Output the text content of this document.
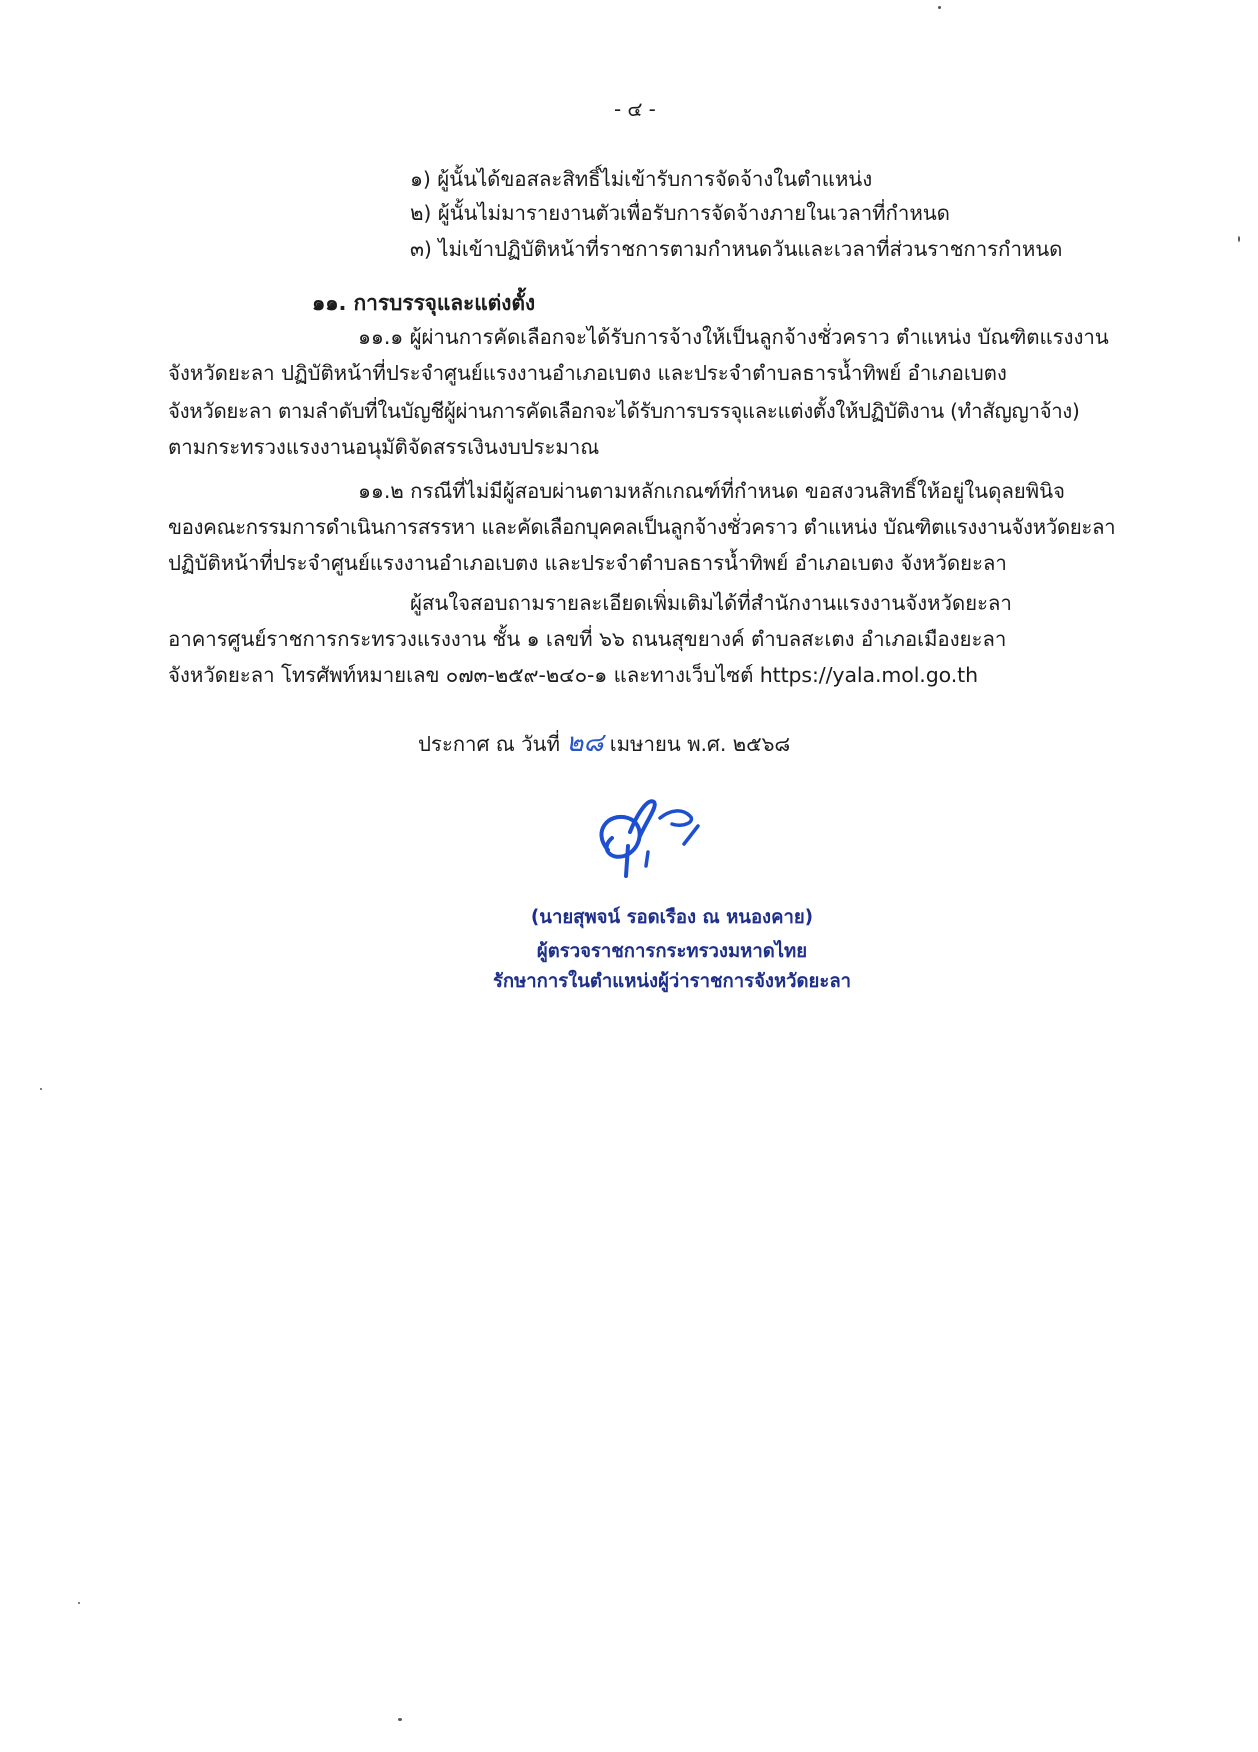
- ๔ -
๑) ผู้นั้นได้ขอสละสิทธิ์ไม่เข้ารับการจัดจ้างในตำแหน่ง
๒) ผู้นั้นไม่มารายงานตัวเพื่อรับการจัดจ้างภายในเวลาที่กำหนด
๓) ไม่เข้าปฏิบัติหน้าที่ราชการตามกำหนดวันและเวลาที่ส่วนราชการกำหนด
๑๑. การบรรจุและแต่งตั้ง
๑๑.๑ ผู้ผ่านการคัดเลือกจะได้รับการจ้างให้เป็นลูกจ้างชั่วคราว ตำแหน่ง บัณฑิตแรงงาน
จังหวัดยะลา ปฏิบัติหน้าที่ประจำศูนย์แรงงานอำเภอเบตง และประจำตำบลธารน้ำทิพย์ อำเภอเบตง
จังหวัดยะลา ตามลำดับที่ในบัญชีผู้ผ่านการคัดเลือกจะได้รับการบรรจุและแต่งตั้งให้ปฏิบัติงาน (ทำสัญญาจ้าง)
ตามกระทรวงแรงงานอนุมัติจัดสรรเงินงบประมาณ
๑๑.๒ กรณีที่ไม่มีผู้สอบผ่านตามหลักเกณฑ์ที่กำหนด ขอสงวนสิทธิ์ให้อยู่ในดุลยพินิจ
ของคณะกรรมการดำเนินการสรรหา และคัดเลือกบุคคลเป็นลูกจ้างชั่วคราว ตำแหน่ง บัณฑิตแรงงานจังหวัดยะลา
ปฏิบัติหน้าที่ประจำศูนย์แรงงานอำเภอเบตง และประจำตำบลธารน้ำทิพย์ อำเภอเบตง จังหวัดยะลา
ผู้สนใจสอบถามรายละเอียดเพิ่มเติมได้ที่สำนักงานแรงงานจังหวัดยะลา
อาคารศูนย์ราชการกระทรวงแรงงาน ชั้น ๑ เลขที่ ๖๖ ถนนสุขยางค์ ตำบลสะเตง อำเภอเมืองยะลา
จังหวัดยะลา โทรศัพท์หมายเลข ๐๗๓-๒๕๙-๒๔๐-๑ และทางเว็บไซต์ https://yala.mol.go.th
ประกาศ ณ วันที่ ๒๘ เมษายน พ.ศ. ๒๕๖๘
(นายสุพจน์ รอดเรือง ณ หนองคาย)
ผู้ตรวจราชการกระทรวงมหาดไทย
รักษาการในตำแหน่งผู้ว่าราชการจังหวัดยะลา
